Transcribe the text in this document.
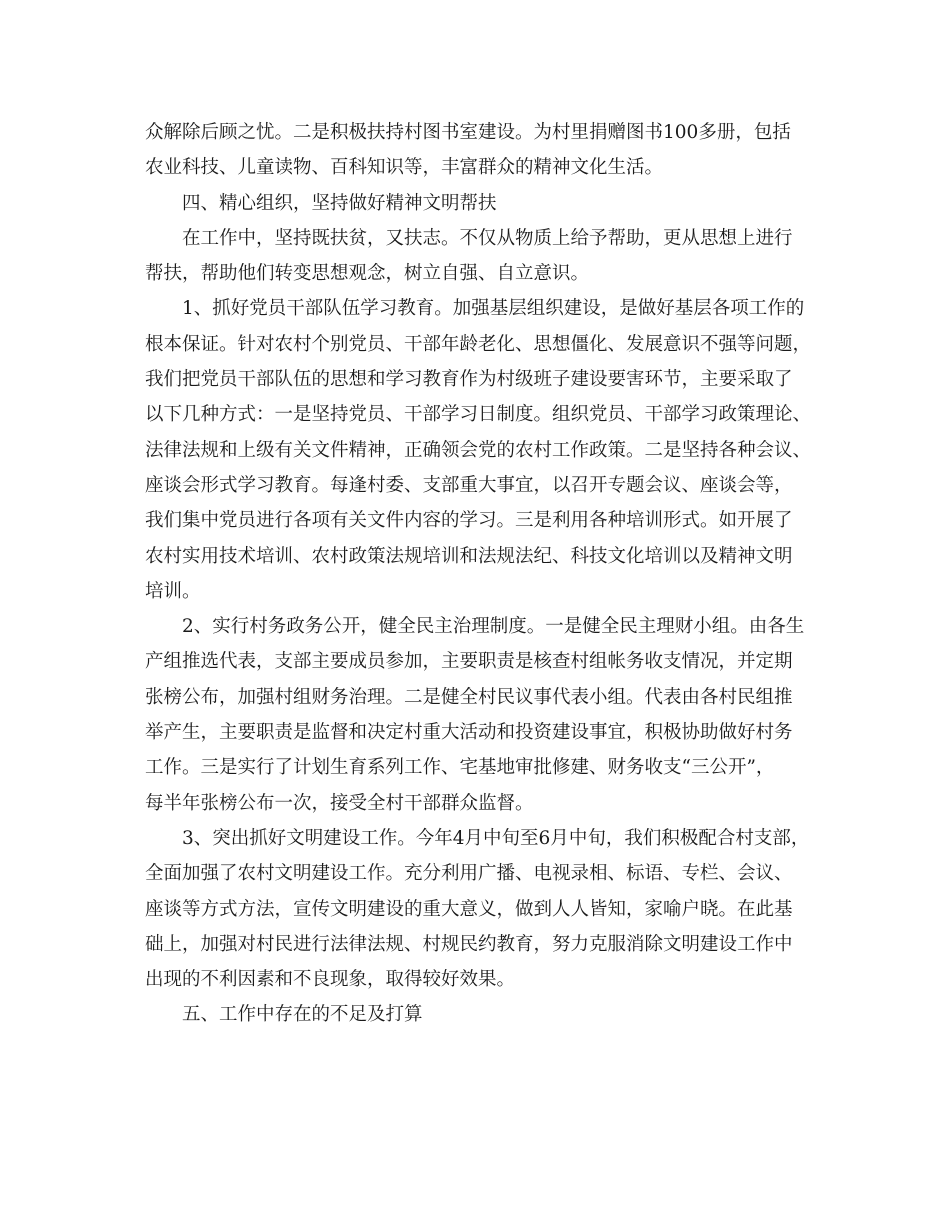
众解除后顾之忧。二是积极扶持村图书室建设。为村里捐赠图书100多册，包括
农业科技、儿童读物、百科知识等，丰富群众的精神文化生活。
四、精心组织，坚持做好精神文明帮扶
在工作中，坚持既扶贫，又扶志。不仅从物质上给予帮助，更从思想上进行
帮扶，帮助他们转变思想观念，树立自强、自立意识。
1、抓好党员干部队伍学习教育。加强基层组织建设，是做好基层各项工作的
根本保证。针对农村个别党员、干部年龄老化、思想僵化、发展意识不强等问题，
我们把党员干部队伍的思想和学习教育作为村级班子建设要害环节，主要采取了
以下几种方式：一是坚持党员、干部学习日制度。组织党员、干部学习政策理论、
法律法规和上级有关文件精神，正确领会党的农村工作政策。二是坚持各种会议、
座谈会形式学习教育。每逢村委、支部重大事宜，以召开专题会议、座谈会等，
我们集中党员进行各项有关文件内容的学习。三是利用各种培训形式。如开展了
农村实用技术培训、农村政策法规培训和法规法纪、科技文化培训以及精神文明
培训。
2、实行村务政务公开，健全民主治理制度。一是健全民主理财小组。由各生
产组推选代表，支部主要成员参加，主要职责是核查村组帐务收支情况，并定期
张榜公布，加强村组财务治理。二是健全村民议事代表小组。代表由各村民组推
举产生，主要职责是监督和决定村重大活动和投资建设事宜，积极协助做好村务
工作。三是实行了计划生育系列工作、宅基地审批修建、财务收支“三公开”，
每半年张榜公布一次，接受全村干部群众监督。
3、突出抓好文明建设工作。今年4月中旬至6月中旬，我们积极配合村支部，
全面加强了农村文明建设工作。充分利用广播、电视录相、标语、专栏、会议、
座谈等方式方法，宣传文明建设的重大意义，做到人人皆知，家喻户晓。在此基
础上，加强对村民进行法律法规、村规民约教育，努力克服消除文明建设工作中
出现的不利因素和不良现象，取得较好效果。
五、工作中存在的不足及打算
